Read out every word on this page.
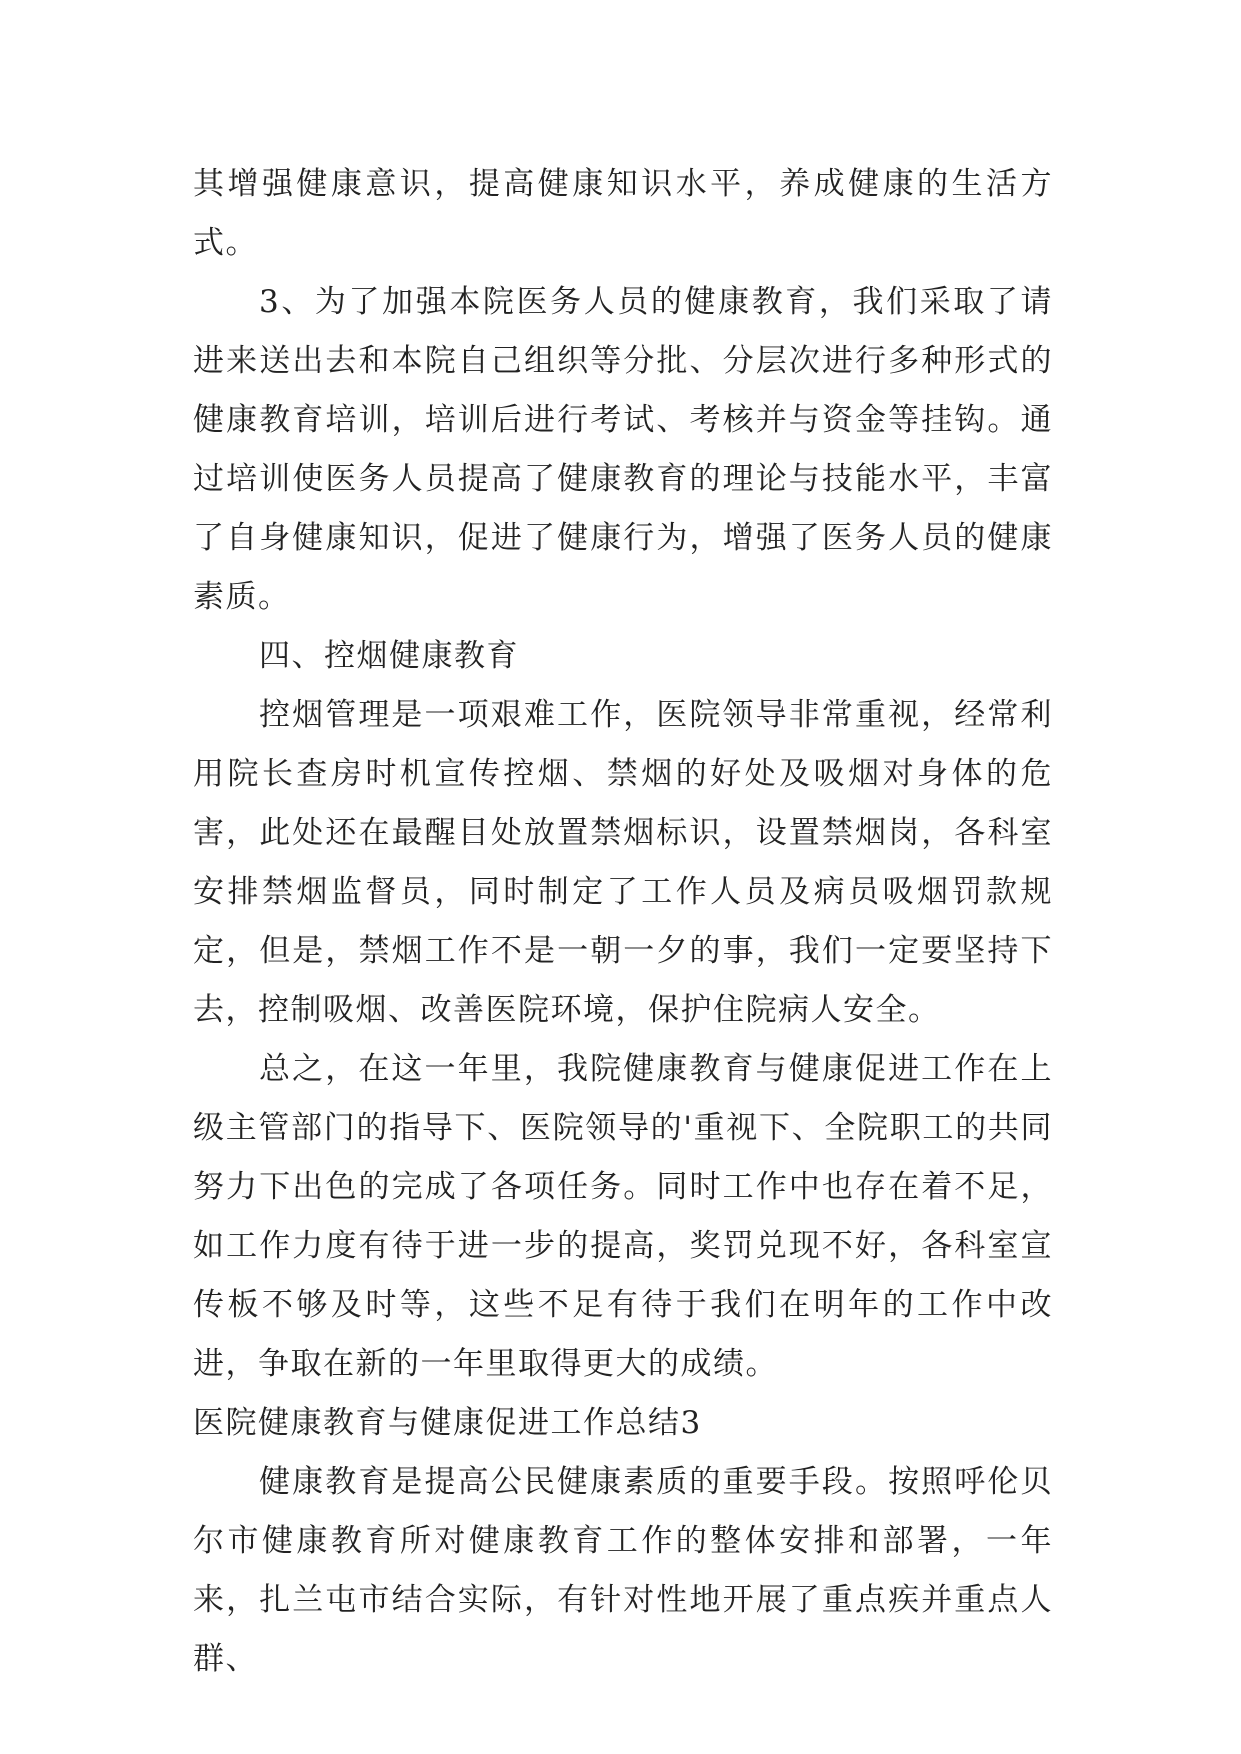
其增强健康意识，提高健康知识水平，养成健康的生活方式。

3、为了加强本院医务人员的健康教育，我们采取了请进来送出去和本院自己组织等分批、分层次进行多种形式的健康教育培训，培训后进行考试、考核并与资金等挂钩。通过培训使医务人员提高了健康教育的理论与技能水平，丰富了自身健康知识，促进了健康行为，增强了医务人员的健康素质。

四、控烟健康教育

控烟管理是一项艰难工作，医院领导非常重视，经常利用院长查房时机宣传控烟、禁烟的好处及吸烟对身体的危害，此处还在最醒目处放置禁烟标识，设置禁烟岗，各科室安排禁烟监督员，同时制定了工作人员及病员吸烟罚款规定，但是，禁烟工作不是一朝一夕的事，我们一定要坚持下去，控制吸烟、改善医院环境，保护住院病人安全。

总之，在这一年里，我院健康教育与健康促进工作在上级主管部门的指导下、医院领导的'重视下、全院职工的共同努力下出色的完成了各项任务。同时工作中也存在着不足，如工作力度有待于进一步的提高，奖罚兑现不好，各科室宣传板不够及时等，这些不足有待于我们在明年的工作中改进，争取在新的一年里取得更大的成绩。

医院健康教育与健康促进工作总结3

健康教育是提高公民健康素质的重要手段。按照呼伦贝尔市健康教育所对健康教育工作的整体安排和部署，一年来，扎兰屯市结合实际，有针对性地开展了重点疾并重点人群、
